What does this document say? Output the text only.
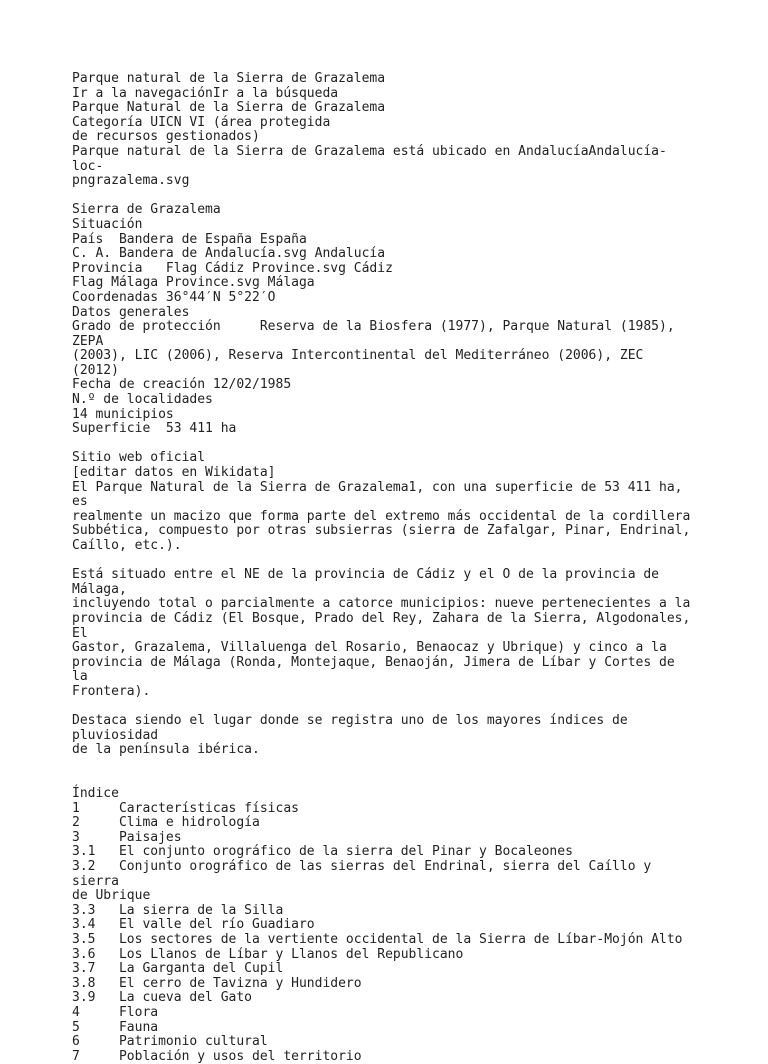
Parque natural de la Sierra de Grazalema
Ir a la navegaciónIr a la búsqueda
Parque Natural de la Sierra de Grazalema
Categoría UICN VI (área protegida
de recursos gestionados)
Parque natural de la Sierra de Grazalema está ubicado en AndalucíaAndalucía-loc-
pngrazalema.svg
Sierra de Grazalema
Situación
País  Bandera de España España
C. A. Bandera de Andalucía.svg Andalucía
Provincia   Flag Cádiz Province.svg Cádiz
Flag Málaga Province.svg Málaga
Coordenadas 36°44′N 5°22′O
Datos generales
Grado de protección     Reserva de la Biosfera (1977), Parque Natural (1985), ZEPA
(2003), LIC (2006), Reserva Intercontinental del Mediterráneo (2006), ZEC (2012)
Fecha de creación 12/02/1985
N.º de localidades
14 municipios
Superficie  53 411 ha
Sitio web oficial
[editar datos en Wikidata]
El Parque Natural de la Sierra de Grazalema1, con una superficie de 53 411 ha, es
realmente un macizo que forma parte del extremo más occidental de la cordillera
Subbética, compuesto por otras subsierras (sierra de Zafalgar, Pinar, Endrinal,
Caíllo, etc.).
Está situado entre el NE de la provincia de Cádiz y el O de la provincia de Málaga,
incluyendo total o parcialmente a catorce municipios: nueve pertenecientes a la
provincia de Cádiz (El Bosque, Prado del Rey, Zahara de la Sierra, Algodonales, El
Gastor, Grazalema, Villaluenga del Rosario, Benaocaz y Ubrique) y cinco a la
provincia de Málaga (Ronda, Montejaque, Benaoján, Jimera de Líbar y Cortes de la
Frontera).
Destaca siendo el lugar donde se registra uno de los mayores índices de pluviosidad
de la península ibérica.
Índice
1     Características físicas
2     Clima e hidrología
3     Paisajes
3.1   El conjunto orográfico de la sierra del Pinar y Bocaleones
3.2   Conjunto orográfico de las sierras del Endrinal, sierra del Caíllo y sierra
de Ubrique
3.3   La sierra de la Silla
3.4   El valle del río Guadiaro
3.5   Los sectores de la vertiente occidental de la Sierra de Líbar-Mojón Alto
3.6   Los Llanos de Líbar y Llanos del Republicano
3.7   La Garganta del Cupil
3.8   El cerro de Tavizna y Hundidero
3.9   La cueva del Gato
4     Flora
5     Fauna
6     Patrimonio cultural
7     Población y usos del territorio
